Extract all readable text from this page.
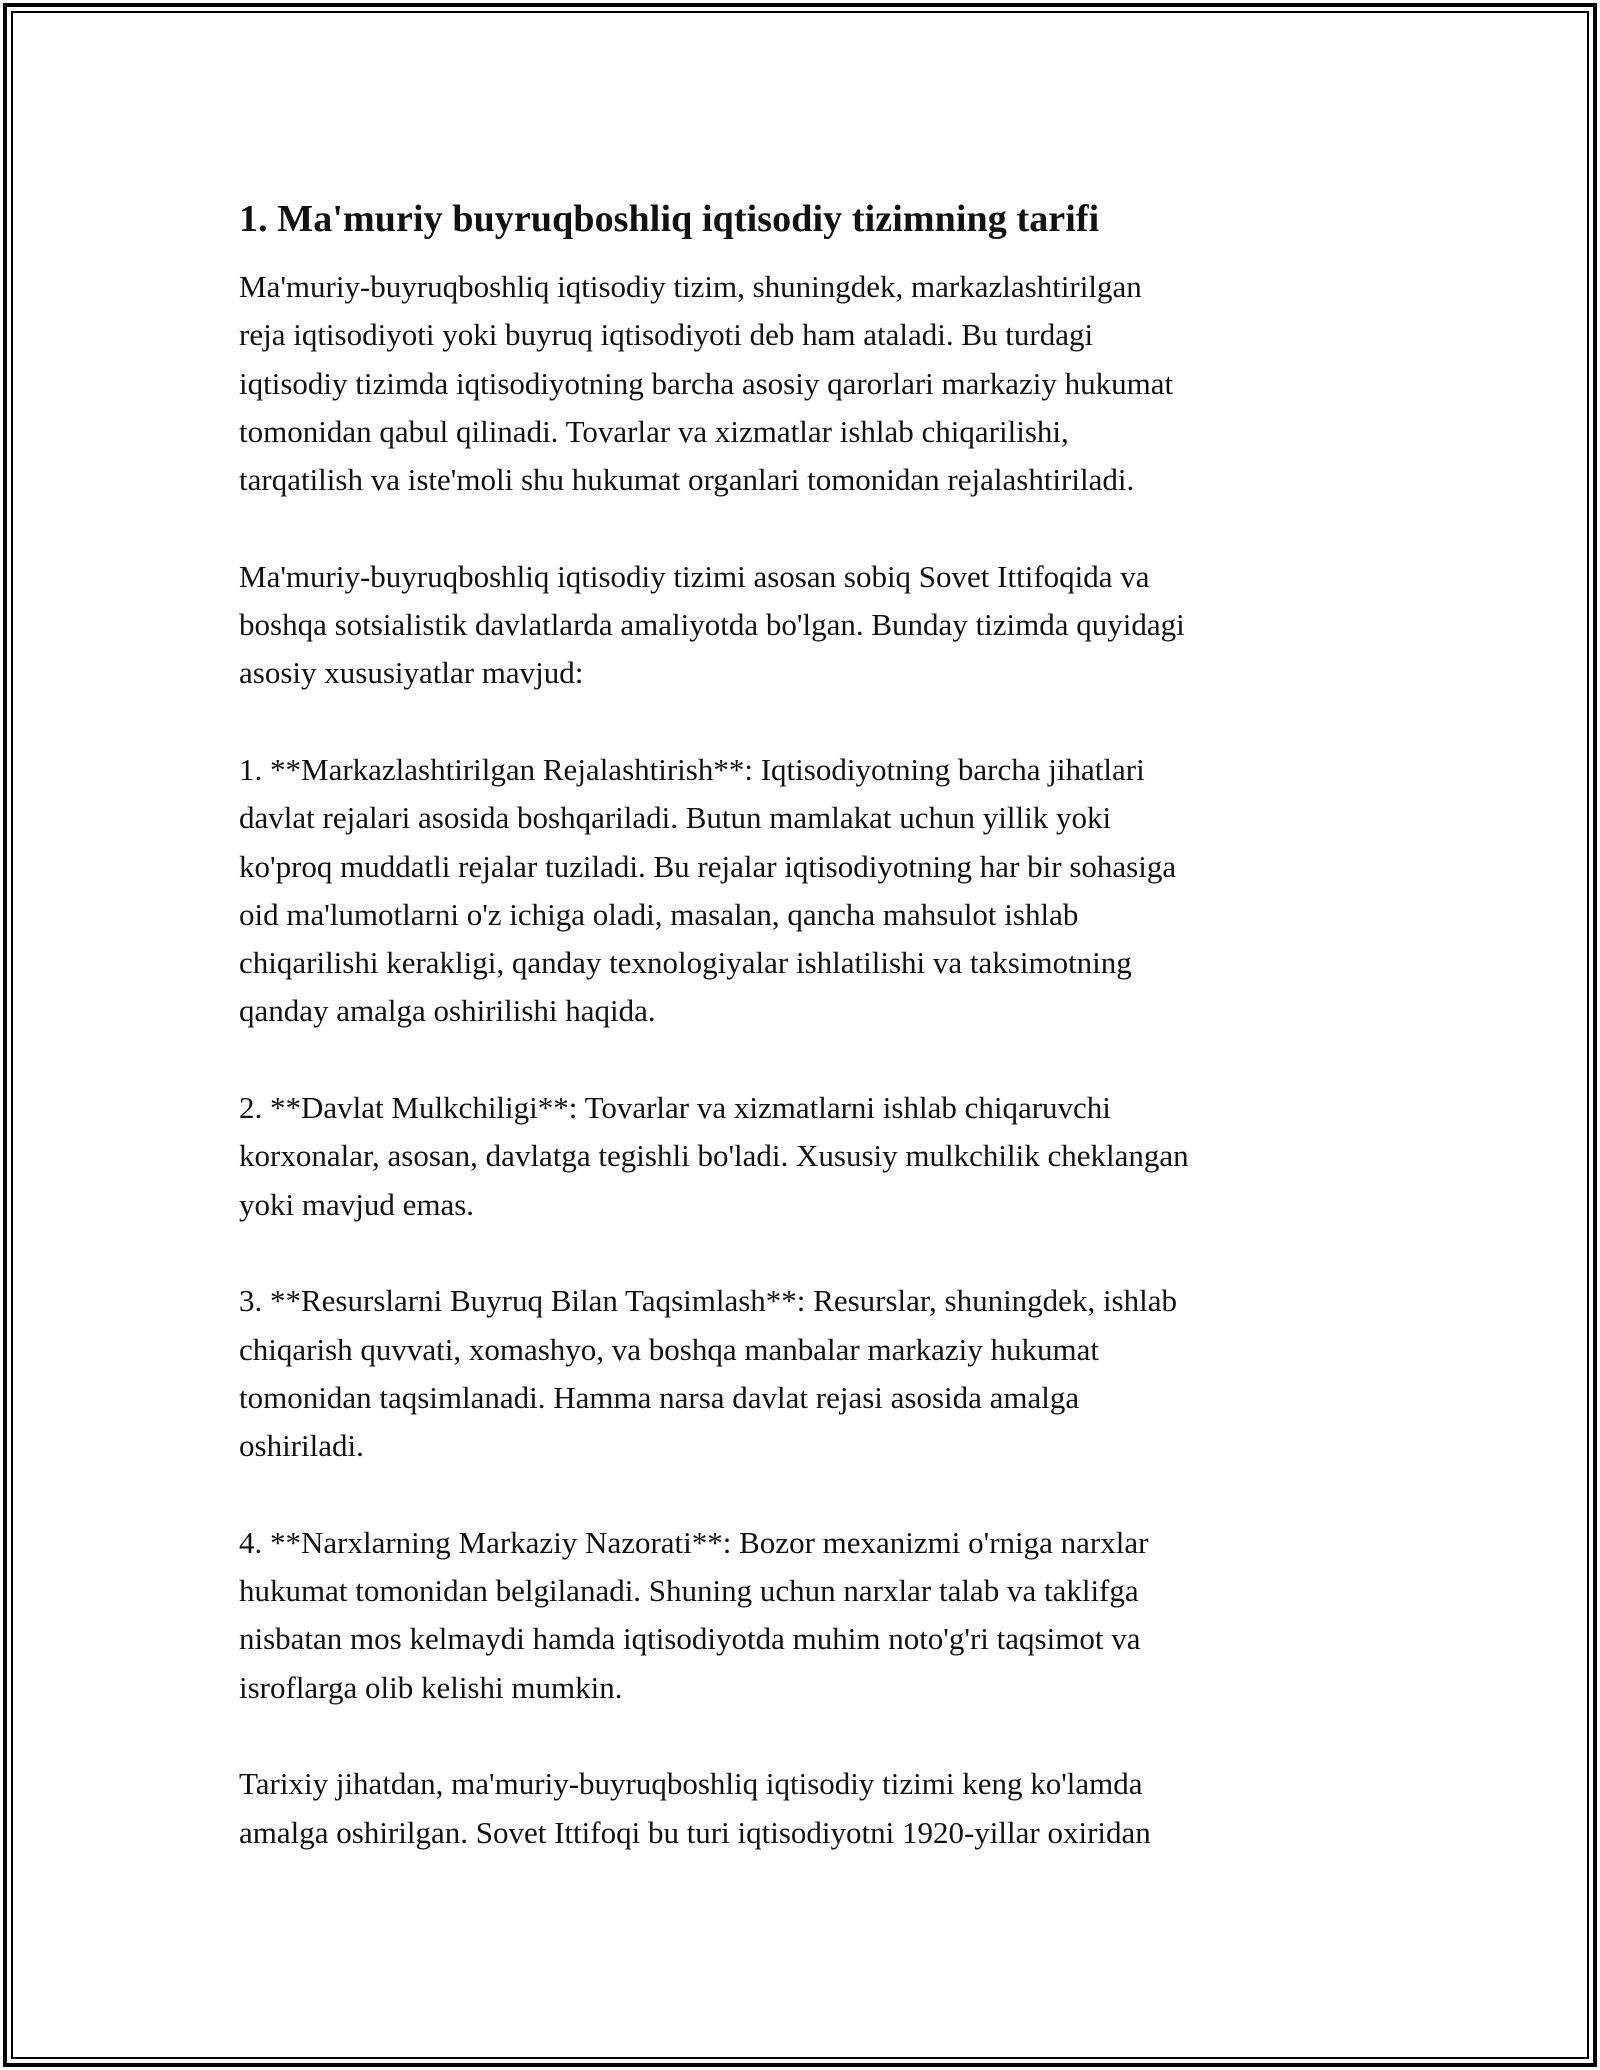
1. Ma'muriy buyruqboshliq iqtisodiy tizimning tarifi

Ma'muriy-buyruqboshliq iqtisodiy tizim, shuningdek, markazlashtirilgan
reja iqtisodiyoti yoki buyruq iqtisodiyoti deb ham ataladi. Bu turdagi
iqtisodiy tizimda iqtisodiyotning barcha asosiy qarorlari markaziy hukumat
tomonidan qabul qilinadi. Tovarlar va xizmatlar ishlab chiqarilishi,
tarqatilish va iste'moli shu hukumat organlari tomonidan rejalashtiriladi.

Ma'muriy-buyruqboshliq iqtisodiy tizimi asosan sobiq Sovet Ittifoqida va
boshqa sotsialistik davlatlarda amaliyotda bo'lgan. Bunday tizimda quyidagi
asosiy xususiyatlar mavjud:

1. **Markazlashtirilgan Rejalashtirish**: Iqtisodiyotning barcha jihatlari
davlat rejalari asosida boshqariladi. Butun mamlakat uchun yillik yoki
ko'proq muddatli rejalar tuziladi. Bu rejalar iqtisodiyotning har bir sohasiga
oid ma'lumotlarni o'z ichiga oladi, masalan, qancha mahsulot ishlab
chiqarilishi kerakligi, qanday texnologiyalar ishlatilishi va taksimotning
qanday amalga oshirilishi haqida.

2. **Davlat Mulkchiligi**: Tovarlar va xizmatlarni ishlab chiqaruvchi
korxonalar, asosan, davlatga tegishli bo'ladi. Xususiy mulkchilik cheklangan
yoki mavjud emas.

3. **Resurslarni Buyruq Bilan Taqsimlash**: Resurslar, shuningdek, ishlab
chiqarish quvvati, xomashyo, va boshqa manbalar markaziy hukumat
tomonidan taqsimlanadi. Hamma narsa davlat rejasi asosida amalga
oshiriladi.

4. **Narxlarning Markaziy Nazorati**: Bozor mexanizmi o'rniga narxlar
hukumat tomonidan belgilanadi. Shuning uchun narxlar talab va taklifga
nisbatan mos kelmaydi hamda iqtisodiyotda muhim noto'g'ri taqsimot va
isroflarga olib kelishi mumkin.

Tarixiy jihatdan, ma'muriy-buyruqboshliq iqtisodiy tizimi keng ko'lamda
amalga oshirilgan. Sovet Ittifoqi bu turi iqtisodiyotni 1920-yillar oxiridan
